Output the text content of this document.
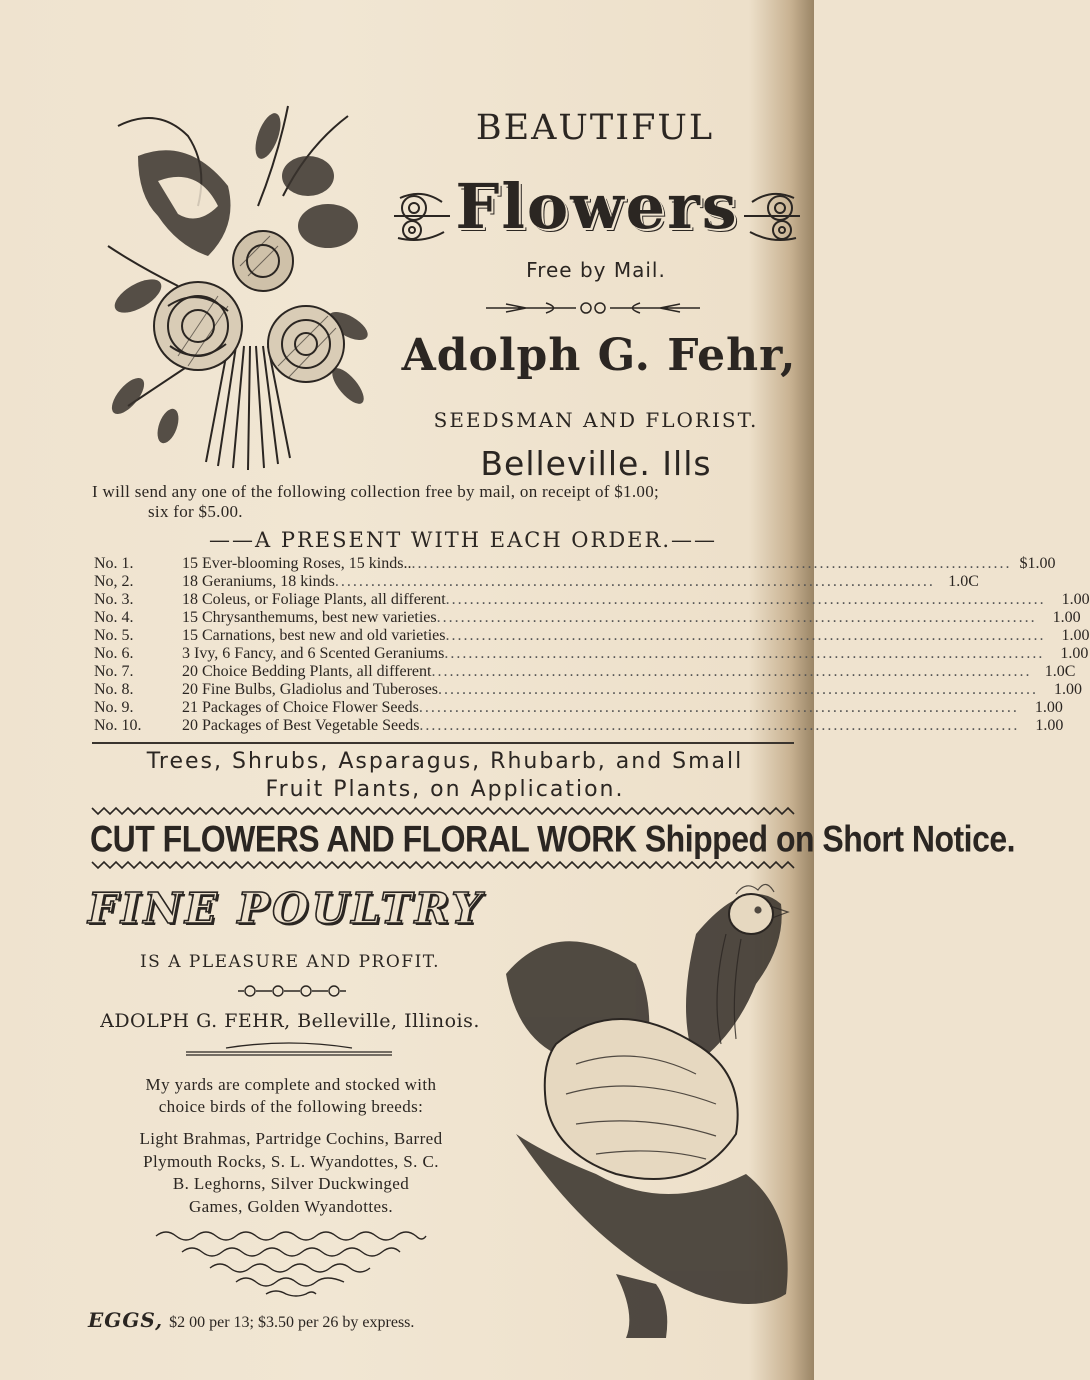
BEAUTIFUL
Flowers
Free by Mail.
Adolph G. Fehr,
SEEDSMAN AND FLORIST.
Belleville. Ills
I will send any one of the following collection free by mail, on receipt of $1.00;
six for $5.00.
——A PRESENT WITH EACH ORDER.——
No. 1.	15 Ever-blooming Roses, 15 kinds.. .................................................................................................... $1.00
No, 2.	18 Geraniums, 18 kinds .................................................................................................... 1.0C
No. 3.	18 Coleus, or Foliage Plants, all different ....................................................................................................	1.00
No. 4.	15 Chrysanthemums, best new varieties ....................................................................................................	1.00
No. 5.	15 Carnations, best new and old varieties ....................................................................................................	1.00
No. 6.	3 Ivy, 6 Fancy, and 6 Scented Geraniums ....................................................................................................	1.00
No. 7.	20 Choice Bedding Plants, all different .................................................................................................... 1.0C
No. 8.	20 Fine Bulbs, Gladiolus and Tuberoses ....................................................................................................	1.00
No. 9.	21 Packages of Choice Flower Seeds ....................................................................................................	1.00
No. 10.	20 Packages of Best Vegetable Seeds ....................................................................................................	1.00
Trees, Shrubs, Asparagus, Rhubarb, and Small
Fruit Plants, on Application.
CUT FLOWERS AND FLORAL WORK Shipped on Short Notice.
FINE POULTRY
IS A PLEASURE AND PROFIT.
ADOLPH G. FEHR, Belleville, Illinois.
My yards are complete and stocked with
choice birds of the following breeds:
Light Brahmas, Partridge Cochins, Barred
Plymouth Rocks, S. L. Wyandottes, S. C.
B. Leghorns, Silver Duckwinged
Games, Golden Wyandottes.
EGGS, $2 00 per 13; $3.50 per 26 by express.
